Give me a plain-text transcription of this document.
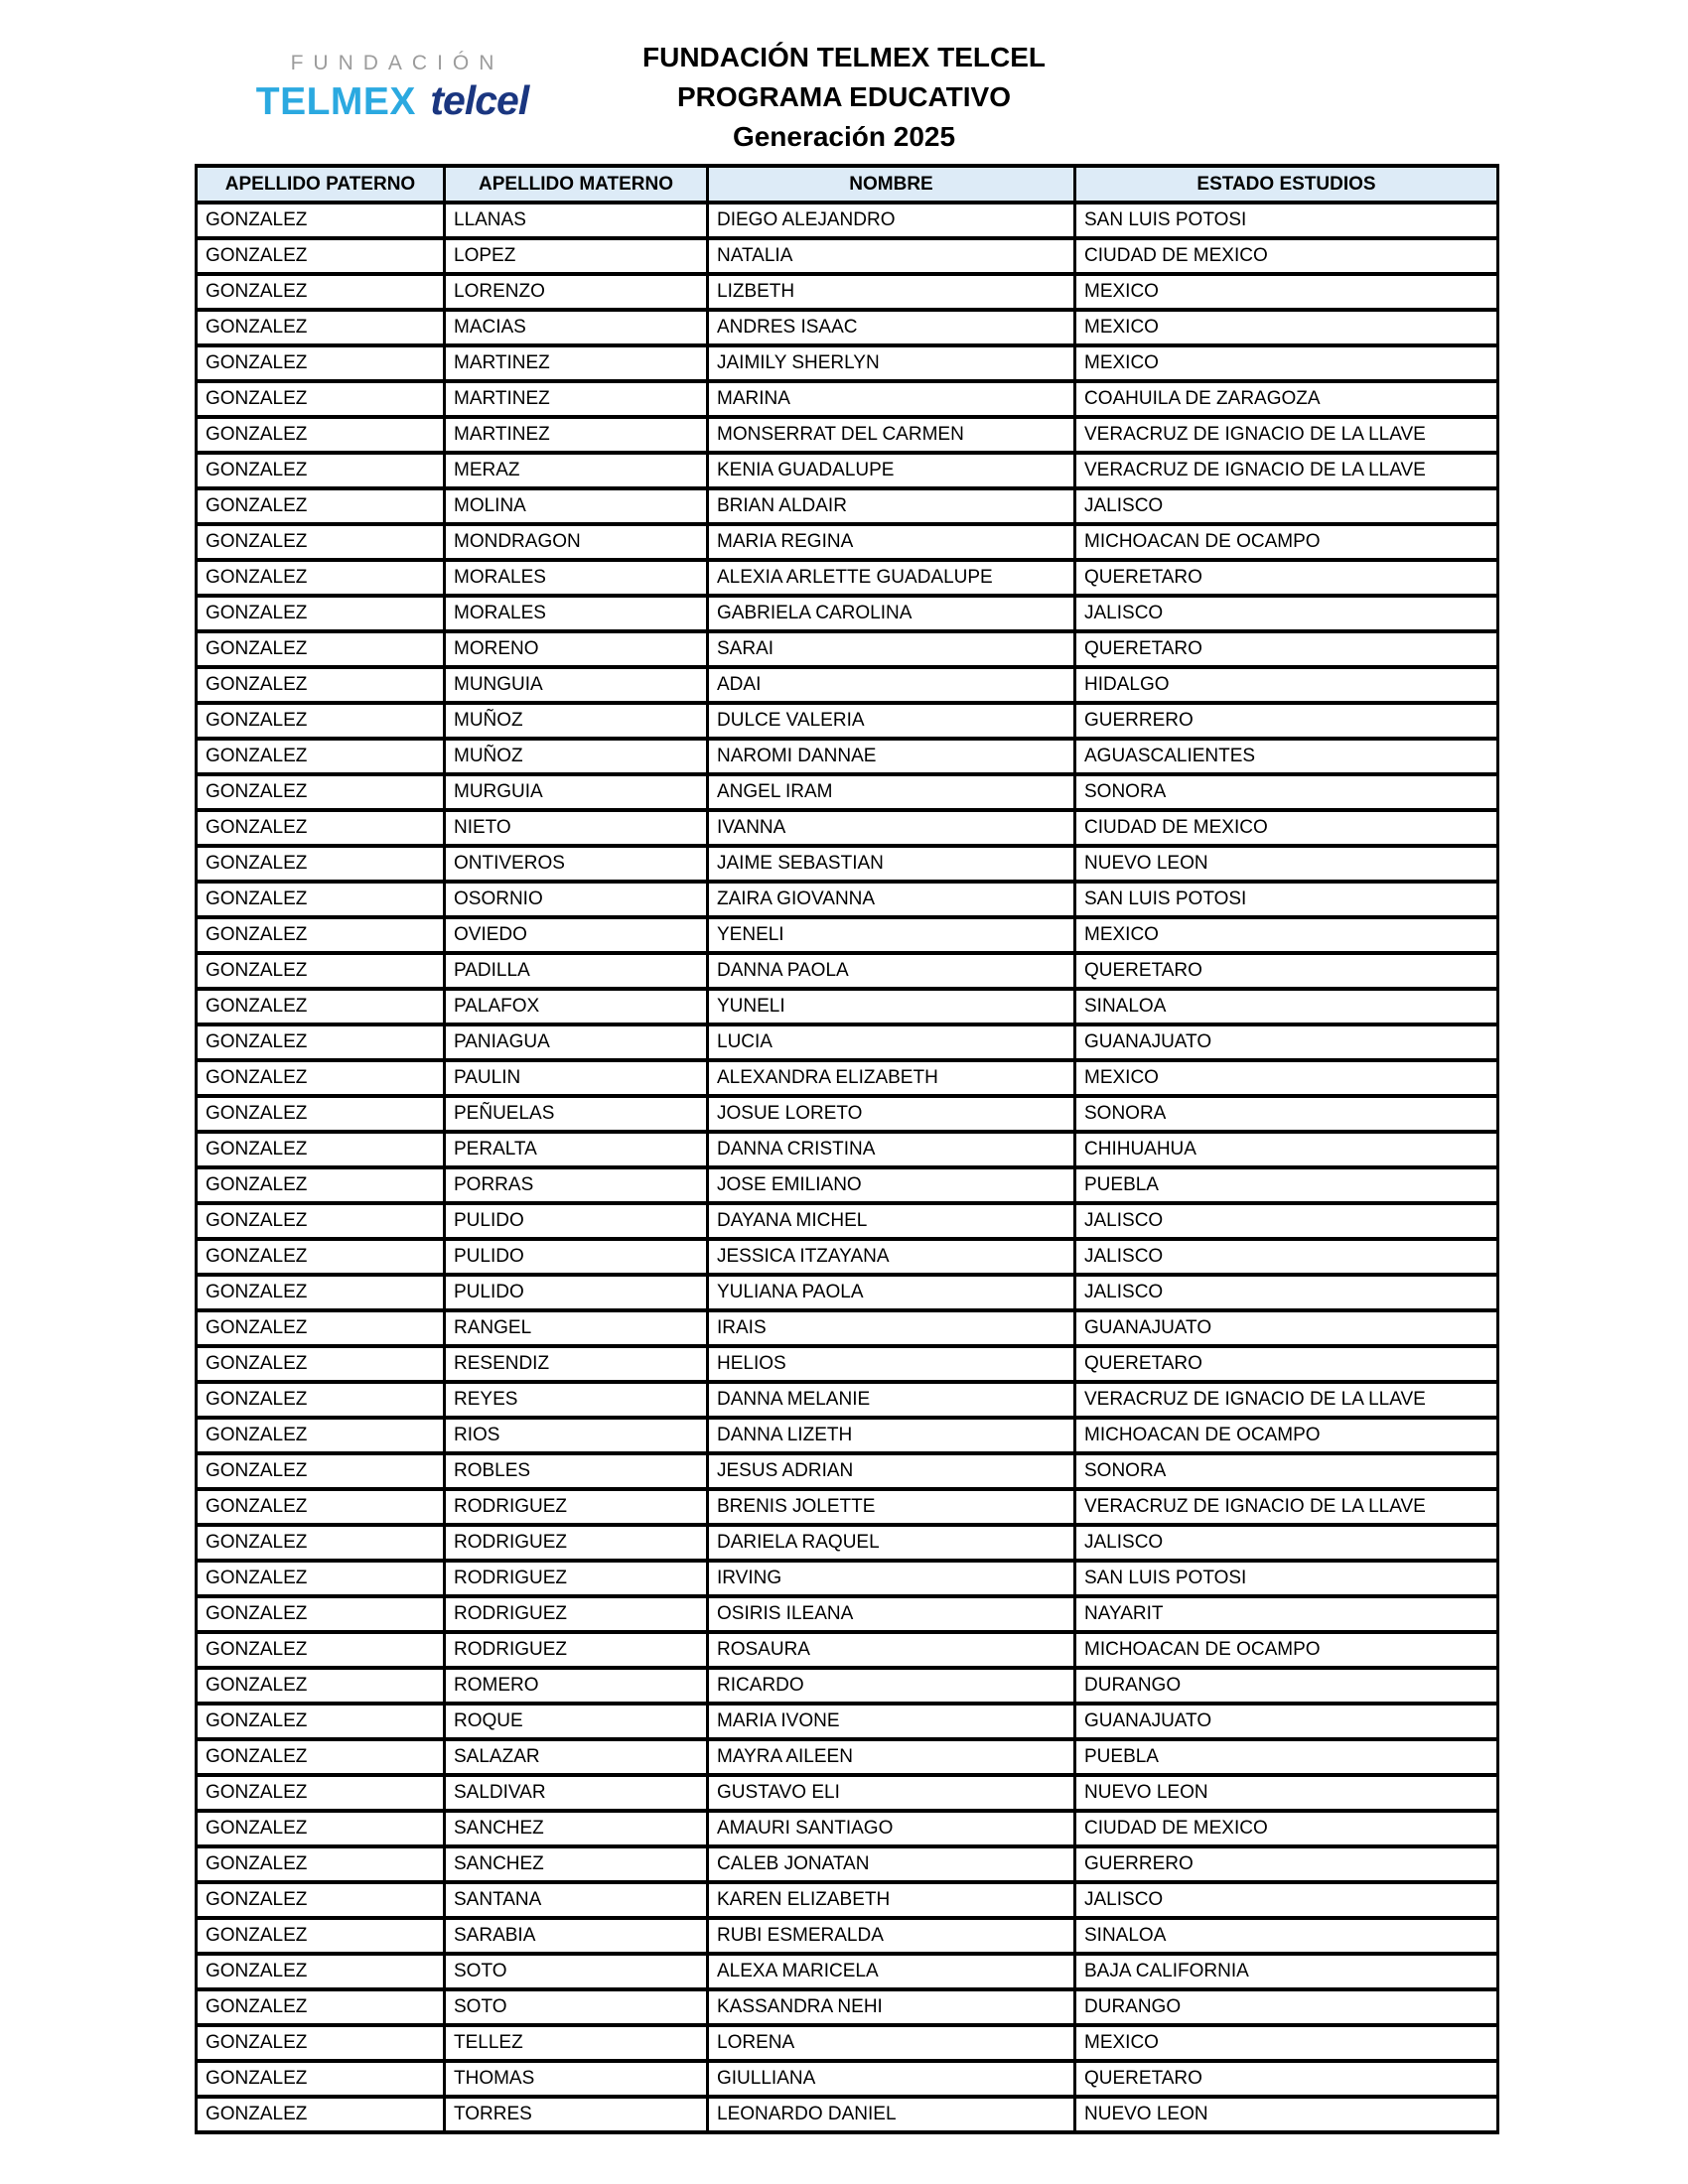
FUNDACIÓN
TELMEX telcel
FUNDACIÓN TELMEX TELCEL
PROGRAMA EDUCATIVO
Generación 2025
APELLIDO PATERNO	APELLIDO MATERNO	NOMBRE	ESTADO ESTUDIOS
GONZALEZ	LLANAS	DIEGO ALEJANDRO	SAN LUIS POTOSI
GONZALEZ	LOPEZ	NATALIA	CIUDAD DE MEXICO
GONZALEZ	LORENZO	LIZBETH	MEXICO
GONZALEZ	MACIAS	ANDRES ISAAC	MEXICO
GONZALEZ	MARTINEZ	JAIMILY SHERLYN	MEXICO
GONZALEZ	MARTINEZ	MARINA	COAHUILA DE ZARAGOZA
GONZALEZ	MARTINEZ	MONSERRAT DEL CARMEN	VERACRUZ DE IGNACIO DE LA LLAVE
GONZALEZ	MERAZ	KENIA GUADALUPE	VERACRUZ DE IGNACIO DE LA LLAVE
GONZALEZ	MOLINA	BRIAN ALDAIR	JALISCO
GONZALEZ	MONDRAGON	MARIA REGINA	MICHOACAN DE OCAMPO
GONZALEZ	MORALES	ALEXIA ARLETTE GUADALUPE	QUERETARO
GONZALEZ	MORALES	GABRIELA CAROLINA	JALISCO
GONZALEZ	MORENO	SARAI	QUERETARO
GONZALEZ	MUNGUIA	ADAI	HIDALGO
GONZALEZ	MUÑOZ	DULCE VALERIA	GUERRERO
GONZALEZ	MUÑOZ	NAROMI DANNAE	AGUASCALIENTES
GONZALEZ	MURGUIA	ANGEL IRAM	SONORA
GONZALEZ	NIETO	IVANNA	CIUDAD DE MEXICO
GONZALEZ	ONTIVEROS	JAIME SEBASTIAN	NUEVO LEON
GONZALEZ	OSORNIO	ZAIRA GIOVANNA	SAN LUIS POTOSI
GONZALEZ	OVIEDO	YENELI	MEXICO
GONZALEZ	PADILLA	DANNA PAOLA	QUERETARO
GONZALEZ	PALAFOX	YUNELI	SINALOA
GONZALEZ	PANIAGUA	LUCIA	GUANAJUATO
GONZALEZ	PAULIN	ALEXANDRA ELIZABETH	MEXICO
GONZALEZ	PEÑUELAS	JOSUE LORETO	SONORA
GONZALEZ	PERALTA	DANNA CRISTINA	CHIHUAHUA
GONZALEZ	PORRAS	JOSE EMILIANO	PUEBLA
GONZALEZ	PULIDO	DAYANA MICHEL	JALISCO
GONZALEZ	PULIDO	JESSICA ITZAYANA	JALISCO
GONZALEZ	PULIDO	YULIANA PAOLA	JALISCO
GONZALEZ	RANGEL	IRAIS	GUANAJUATO
GONZALEZ	RESENDIZ	HELIOS	QUERETARO
GONZALEZ	REYES	DANNA MELANIE	VERACRUZ DE IGNACIO DE LA LLAVE
GONZALEZ	RIOS	DANNA LIZETH	MICHOACAN DE OCAMPO
GONZALEZ	ROBLES	JESUS ADRIAN	SONORA
GONZALEZ	RODRIGUEZ	BRENIS JOLETTE	VERACRUZ DE IGNACIO DE LA LLAVE
GONZALEZ	RODRIGUEZ	DARIELA RAQUEL	JALISCO
GONZALEZ	RODRIGUEZ	IRVING	SAN LUIS POTOSI
GONZALEZ	RODRIGUEZ	OSIRIS ILEANA	NAYARIT
GONZALEZ	RODRIGUEZ	ROSAURA	MICHOACAN DE OCAMPO
GONZALEZ	ROMERO	RICARDO	DURANGO
GONZALEZ	ROQUE	MARIA IVONE	GUANAJUATO
GONZALEZ	SALAZAR	MAYRA AILEEN	PUEBLA
GONZALEZ	SALDIVAR	GUSTAVO ELI	NUEVO LEON
GONZALEZ	SANCHEZ	AMAURI SANTIAGO	CIUDAD DE MEXICO
GONZALEZ	SANCHEZ	CALEB JONATAN	GUERRERO
GONZALEZ	SANTANA	KAREN ELIZABETH	JALISCO
GONZALEZ	SARABIA	RUBI ESMERALDA	SINALOA
GONZALEZ	SOTO	ALEXA MARICELA	BAJA CALIFORNIA
GONZALEZ	SOTO	KASSANDRA NEHI	DURANGO
GONZALEZ	TELLEZ	LORENA	MEXICO
GONZALEZ	THOMAS	GIULLIANA	QUERETARO
GONZALEZ	TORRES	LEONARDO DANIEL	NUEVO LEON
